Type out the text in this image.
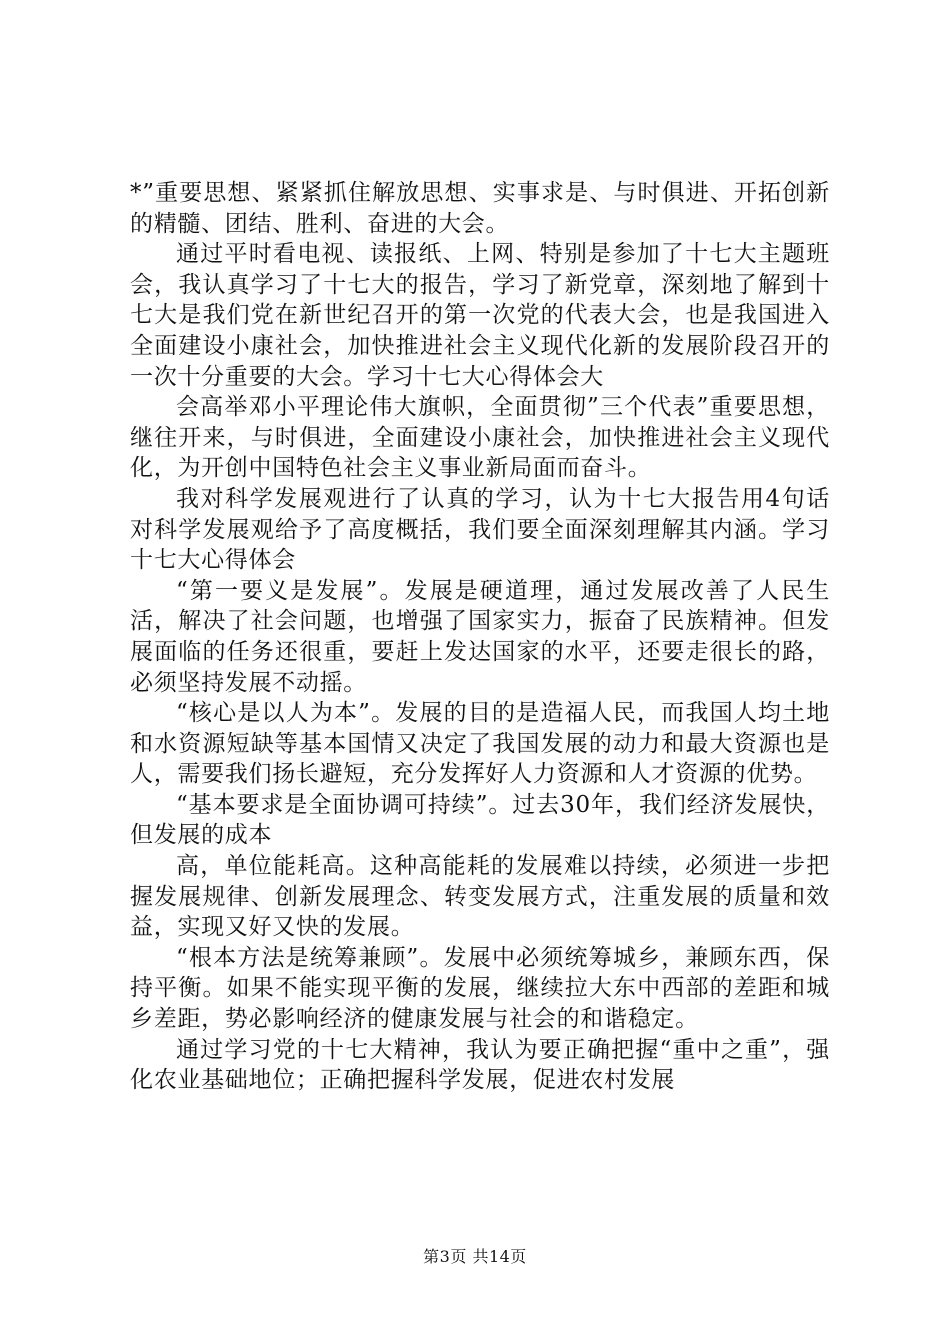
*”重要思想、紧紧抓住解放思想、实事求是、与时俱进、开拓创新的精髓、团结、胜利、奋进的大会。

通过平时看电视、读报纸、上网、特别是参加了十七大主题班会，我认真学习了十七大的报告，学习了新党章，深刻地了解到十七大是我们党在新世纪召开的第一次党的代表大会，也是我国进入全面建设小康社会，加快推进社会主义现代化新的发展阶段召开的一次十分重要的大会。学习十七大心得体会大

会高举邓小平理论伟大旗帜，全面贯彻”三个代表”重要思想，继往开来，与时俱进，全面建设小康社会，加快推进社会主义现代化，为开创中国特色社会主义事业新局面而奋斗。

我对科学发展观进行了认真的学习，认为十七大报告用4句话对科学发展观给予了高度概括，我们要全面深刻理解其内涵。学习十七大心得体会

“第一要义是发展”。发展是硬道理，通过发展改善了人民生活，解决了社会问题，也增强了国家实力，振奋了民族精神。但发展面临的任务还很重，要赶上发达国家的水平，还要走很长的路，必须坚持发展不动摇。

“核心是以人为本”。发展的目的是造福人民，而我国人均土地和水资源短缺等基本国情又决定了我国发展的动力和最大资源也是人，需要我们扬长避短，充分发挥好人力资源和人才资源的优势。

“基本要求是全面协调可持续”。过去30年，我们经济发展快，但发展的成本

高，单位能耗高。这种高能耗的发展难以持续，必须进一步把握发展规律、创新发展理念、转变发展方式，注重发展的质量和效益，实现又好又快的发展。

“根本方法是统筹兼顾”。发展中必须统筹城乡，兼顾东西，保持平衡。如果不能实现平衡的发展，继续拉大东中西部的差距和城乡差距，势必影响经济的健康发展与社会的和谐稳定。

通过学习党的十七大精神，我认为要正确把握“重中之重”，强化农业基础地位；正确把握科学发展，促进农村发展

第3页 共14页
